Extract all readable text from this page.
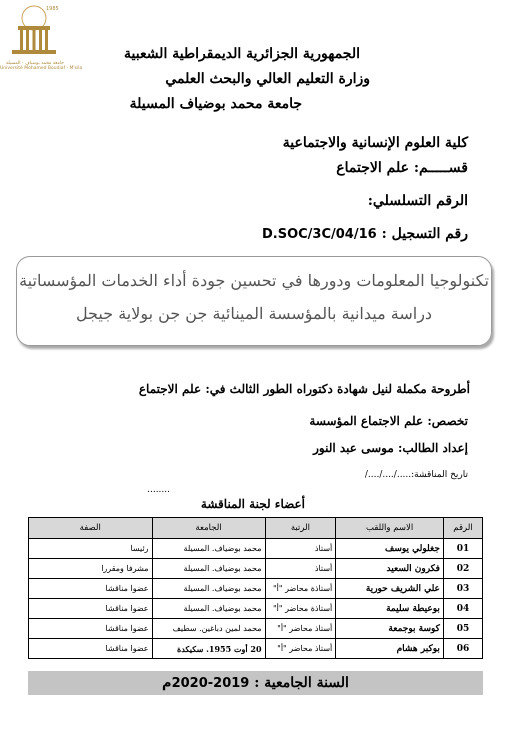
1985
جامعة محمد بوضياف - المسيلة
Université Mohamed Boudiaf - M'sila
الجمهورية الجزائرية الديمقراطية الشعبية
وزارة التعليم العالي والبحث العلمي
جامعة محمد بوضياف المسيلة
كلية العلوم الإنسانية والاجتماعية
قســـــم: علم الاجتماع
الرقم التسلسلي:
رقم التسجيل : D.SOC/3C/04/16
تكنولوجيا المعلومات ودورها في تحسين جودة أداء الخدمات المؤسساتية
دراسة ميدانية بالمؤسسة المينائية جن جن بولاية جيجل
أطروحة مكملة لنيل شهادة دكتوراه الطور الثالث في: علم الاجتماع
تخصص: علم الاجتماع المؤسسة
إعداد الطالب: موسى عبد النور
تاريخ المناقشة:...../..../..../
........
أعضاء لجنة المناقشة
الرقم	الاسم واللقب	الرتبة	الجامعة	الصفة
01	جغلولي يوسف	أستاذ	محمد بوضياف. المسيلة	رئيسا
02	فكرون السعيد	أستاذ	محمد بوضياف. المسيلة	مشرفا ومقررا
03	علي الشريف حورية	أستاذة محاضر "أ"	محمد بوضياف. المسيلة	عضوا مناقشا
04	بوعيطة سليمة	أستاذة محاضر "أ"	محمد بوضياف. المسيلة	عضوا مناقشا
05	كوسة بوجمعة	أستاذ محاضر "أ"	محمد لمين دباغين. سطيف	عضوا مناقشا
06	بوكبر هشام	أستاذ محاضر "أ"	20 أوت 1955. سكيكدة	عضوا مناقشا
السنة الجامعية : 2019-2020م
